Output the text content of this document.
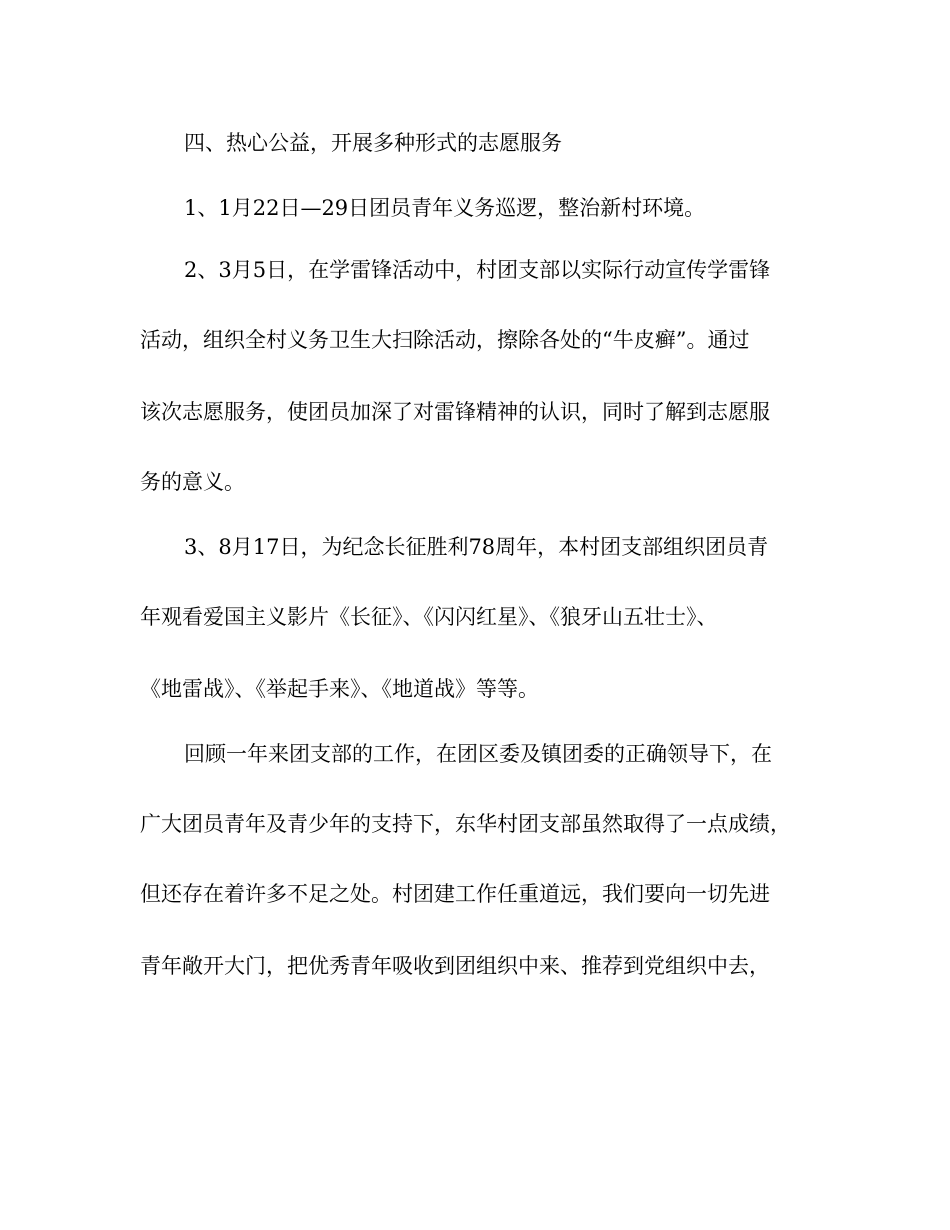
四、热心公益，开展多种形式的志愿服务
1、1月22日—29日团员青年义务巡逻，整治新村环境。
2、3月5日，在学雷锋活动中，村团支部以实际行动宣传学雷锋
活动，组织全村义务卫生大扫除活动，擦除各处的“牛皮癣”。通过
该次志愿服务，使团员加深了对雷锋精神的认识，同时了解到志愿服
务的意义。
3、8月17日，为纪念长征胜利78周年，本村团支部组织团员青
年观看爱国主义影片《长征》、《闪闪红星》、《狼牙山五壮士》、
《地雷战》、《举起手来》、《地道战》等等。
回顾一年来团支部的工作，在团区委及镇团委的正确领导下，在
广大团员青年及青少年的支持下，东华村团支部虽然取得了一点成绩，
但还存在着许多不足之处。村团建工作任重道远，我们要向一切先进
青年敞开大门，把优秀青年吸收到团组织中来、推荐到党组织中去，
